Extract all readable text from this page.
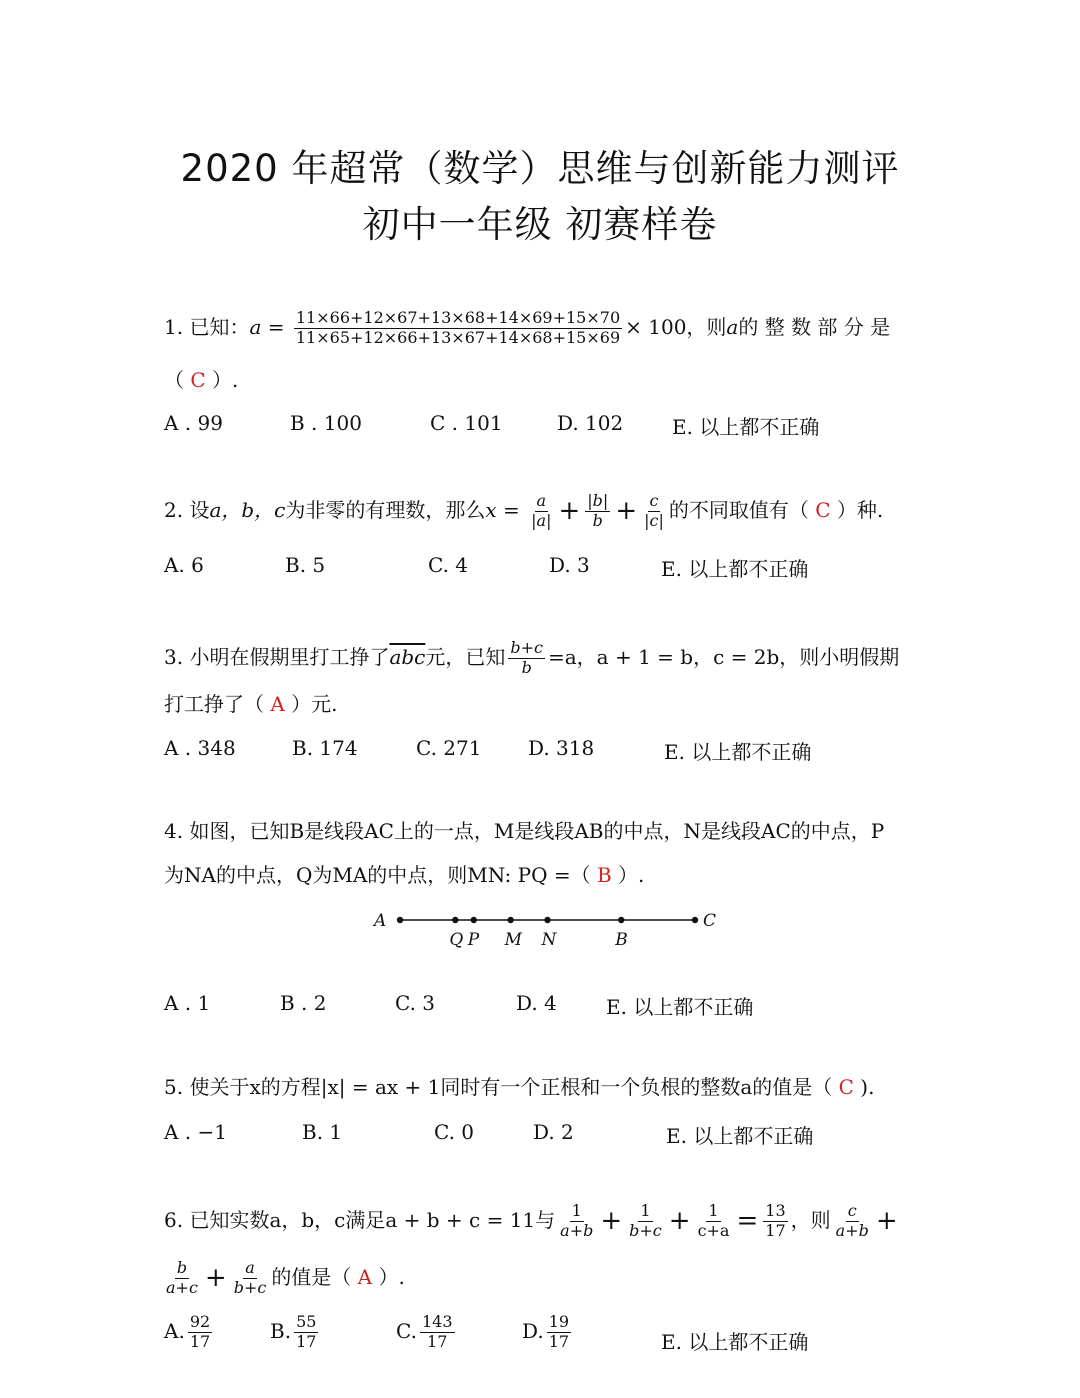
2020 年超常（数学）思维与创新能力测评
初中一年级 初赛样卷
1. 已知：$a = \frac{11\times 66+12\times 67+13\times 68+14\times 69+15\times 70}{11\times 65+12\times 66+13\times 67+14\times 68+15\times 69} \times 100$，则a的 整 数 部 分 是
（ C ）.
A . 99	B . 100	C . 101	D. 102 E. 以上都不正确
2. 设a，b，c为非零的有理数，那么$x = \frac{a}{|a|} + \frac{|b|}{b} + \frac{c}{|c|}$ 的不同取值有（ C ）种.
A. 6	B. 5	C. 4	D. 3	E. 以上都不正确
3. 小明在假期里打工挣了$\overline{abc}$元，已知 $\frac{b+c}{b} =a$，a + 1 = b，c = 2b，则小明假期
打工挣了（ A ）元.
A . 348	B. 174	C. 271 D. 318	E. 以上都不正确
4. 如图，已知B是线段AC上的一点，M是线段AB的中点，N是线段AC的中点，P
为NA的中点，Q为MA的中点，则MN: PQ =（ B ）.
A
Q P M N	B
C
A . 1	B . 2	C. 3	D. 4 E. 以上都不正确
5. 使关于x的方程|x| = ax + 1同时有一个正根和一个负根的整数a的值是（ C ).
A . −1	B. 1	C. 0	D. 2	E. 以上都不正确
6. 已知实数a，b，c满足a + b + c = 11与 $\frac{1}{a+b} + \frac{1}{b+c} + \frac{1}{c+a} = \frac{13}{17}$ ，则 $\frac{c}{a+b}$ +
$\frac{b}{a+c} + \frac{a}{b+c}$ 的值是（ A ）.
A. $\frac{92}{17}$	B. $\frac{55}{17}$	C. $\frac{143}{17}$	D. $\frac{19}{17}$	E. 以上都不正确
